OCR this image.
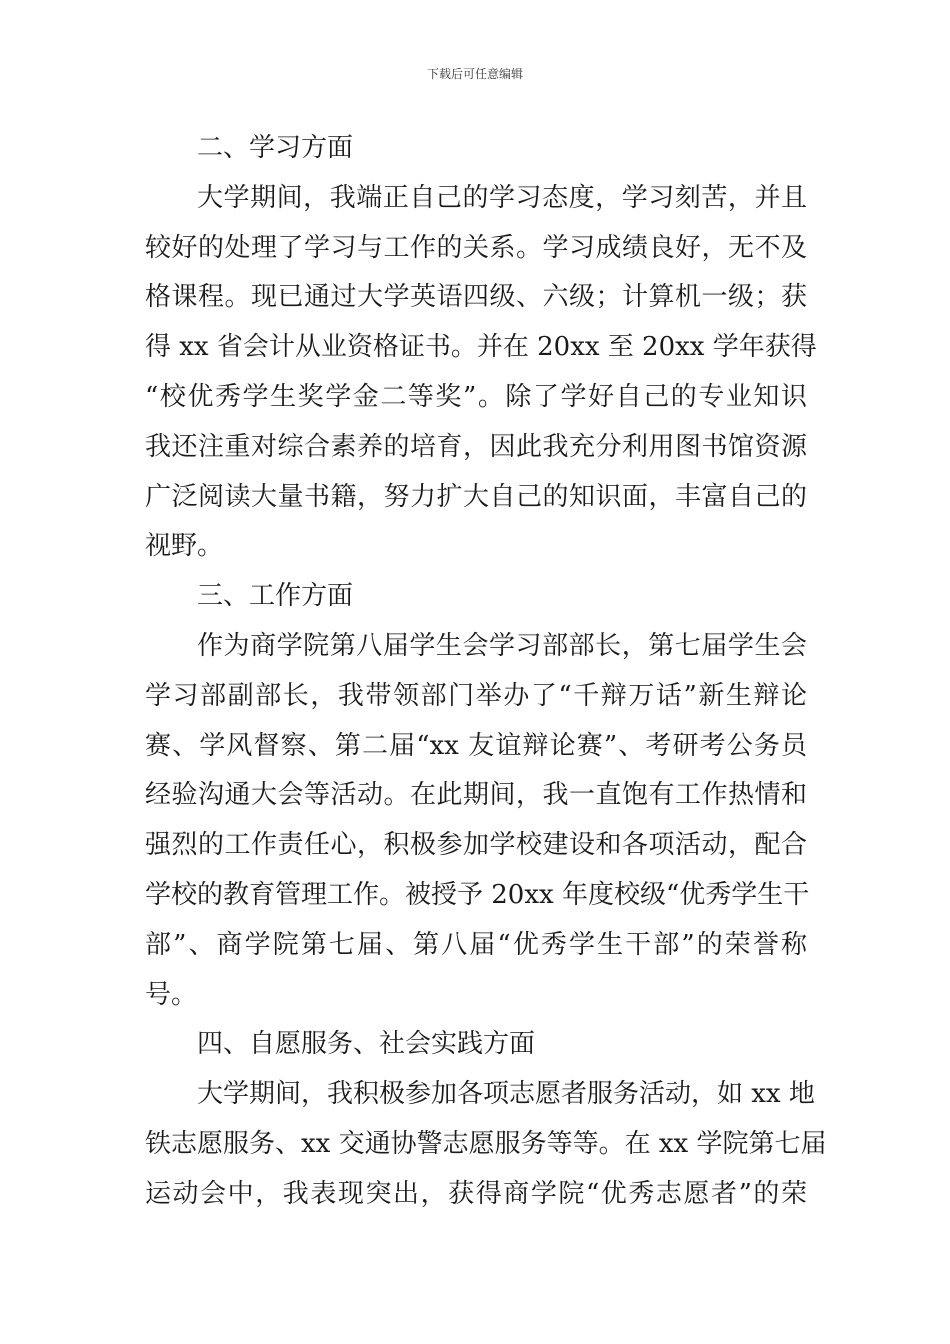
下载后可任意编辑
二、学习方面
大学期间，我端正自己的学习态度，学习刻苦，并且
较好的处理了学习与工作的关系。学习成绩良好，无不及
格课程。现已通过大学英语四级、六级；计算机一级；获
得 xx 省会计从业资格证书。并在 20xx 至 20xx 学年获得
“校优秀学生奖学金二等奖”。除了学好自己的专业知识
我还注重对综合素养的培育，因此我充分利用图书馆资源
广泛阅读大量书籍，努力扩大自己的知识面，丰富自己的
视野。
三、工作方面
作为商学院第八届学生会学习部部长，第七届学生会
学习部副部长，我带领部门举办了“千辩万话”新生辩论
赛、学风督察、第二届“xx 友谊辩论赛”、考研考公务员
经验沟通大会等活动。在此期间，我一直饱有工作热情和
强烈的工作责任心，积极参加学校建设和各项活动，配合
学校的教育管理工作。被授予 20xx 年度校级“优秀学生干
部”、商学院第七届、第八届“优秀学生干部”的荣誉称
号。
四、自愿服务、社会实践方面
大学期间，我积极参加各项志愿者服务活动，如 xx 地
铁志愿服务、xx 交通协警志愿服务等等。在 xx 学院第七届
运动会中，我表现突出，获得商学院“优秀志愿者”的荣
